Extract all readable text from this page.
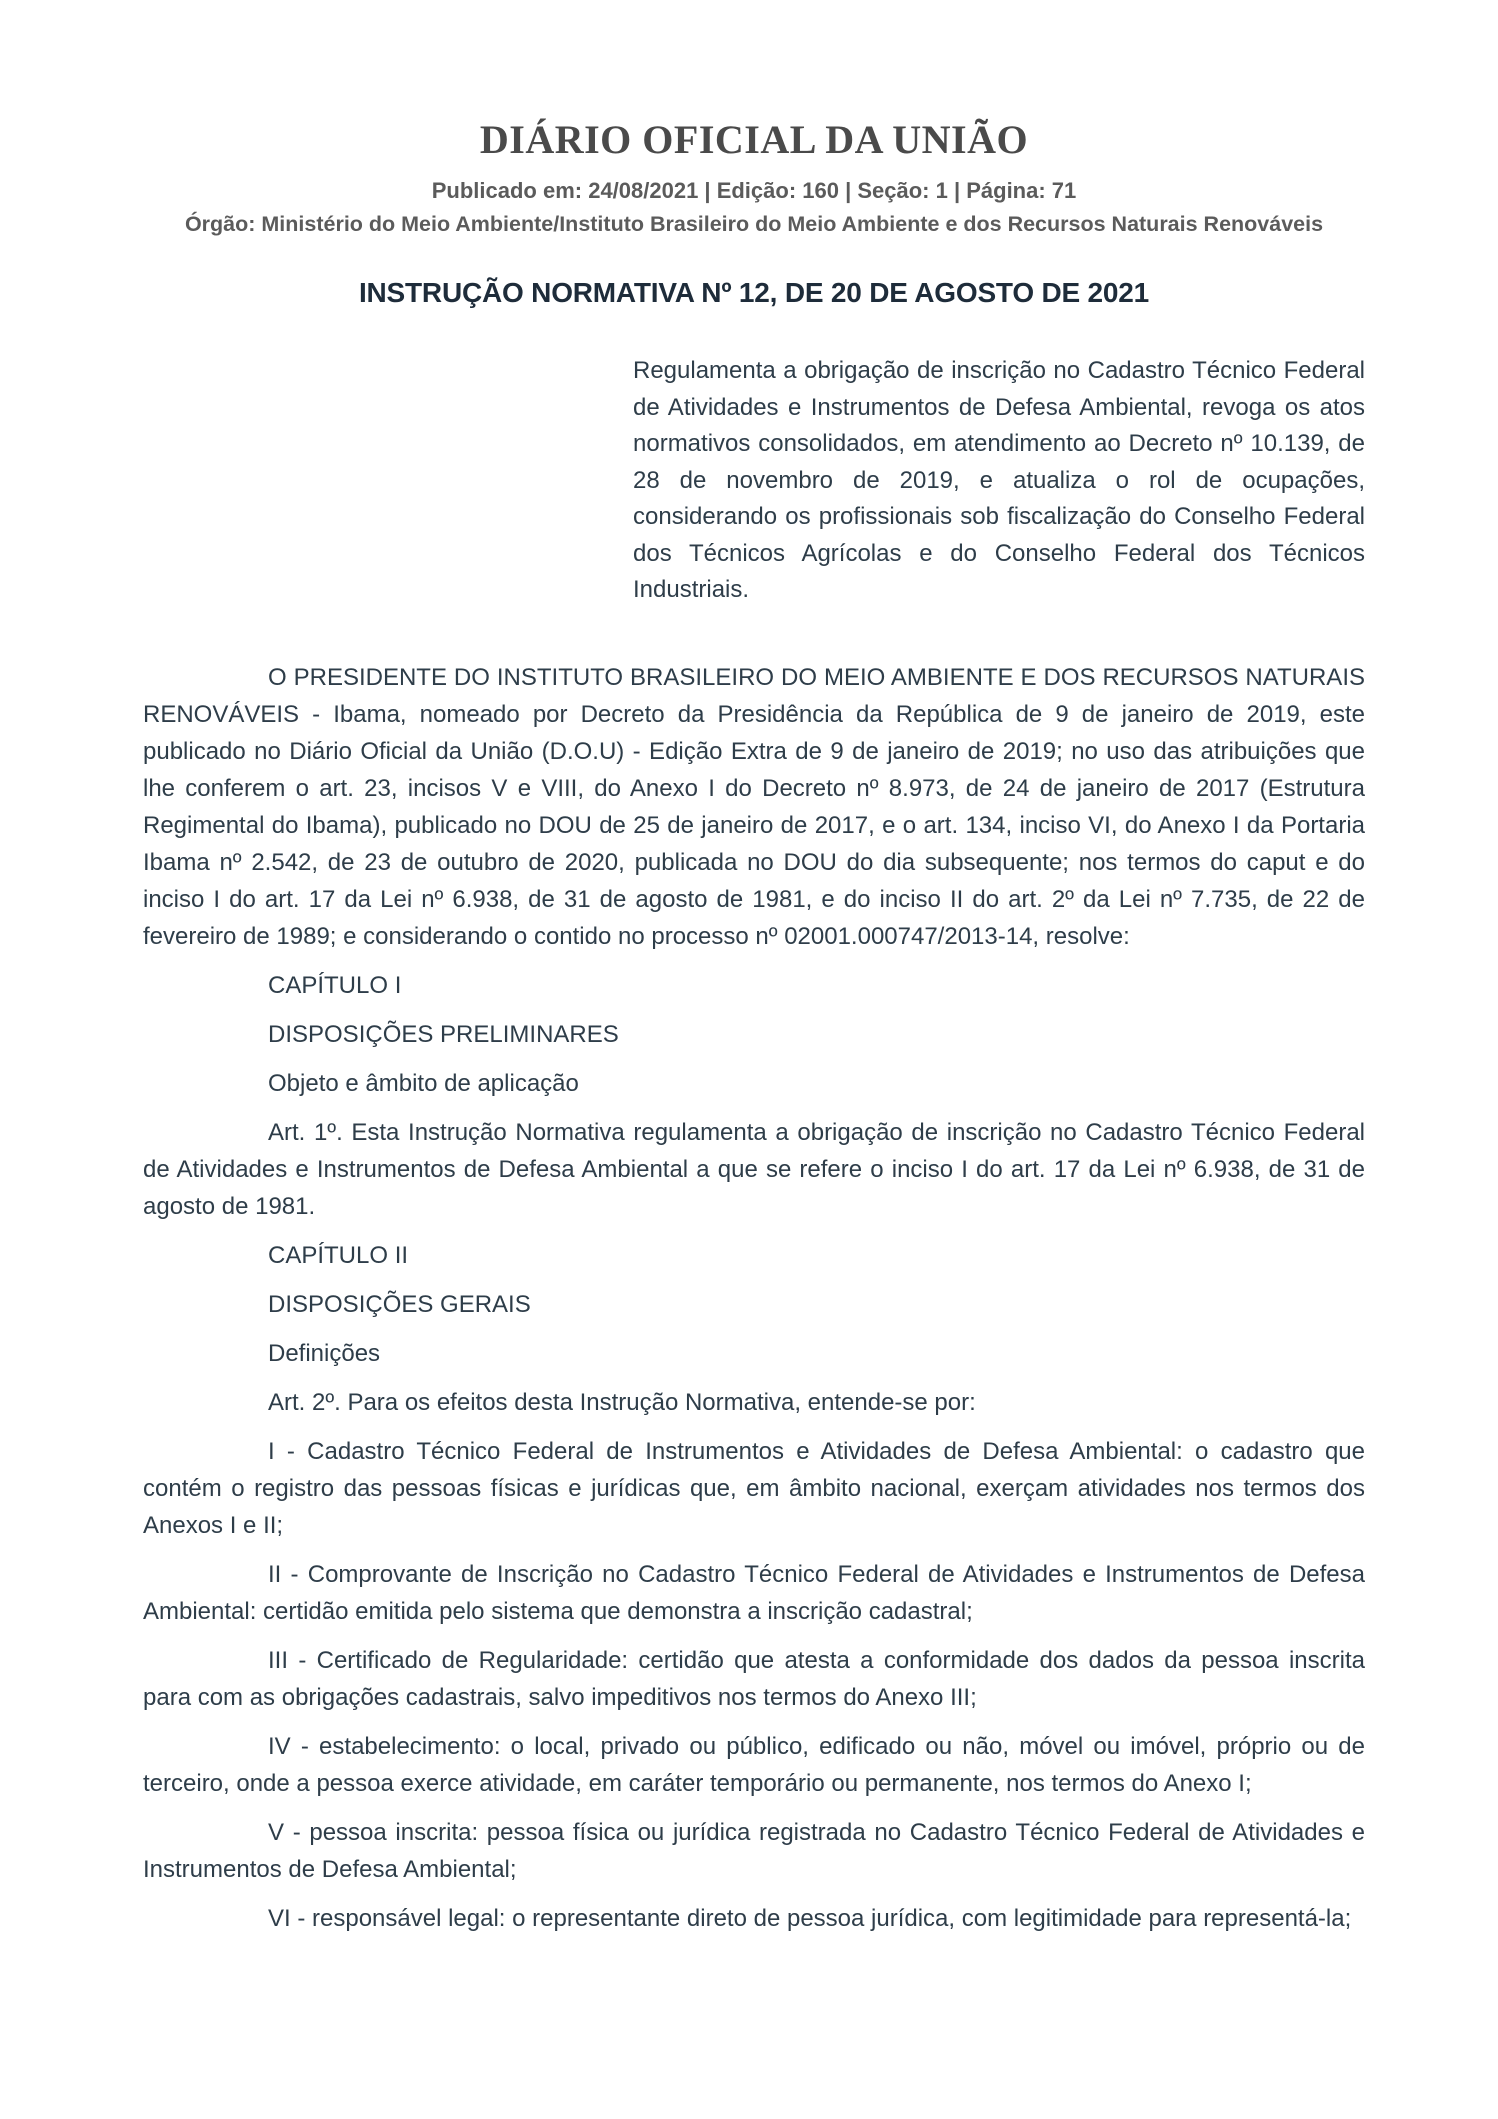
DIÁRIO OFICIAL DA UNIÃO
Publicado em: 24/08/2021 | Edição: 160 | Seção: 1 | Página: 71
Órgão: Ministério do Meio Ambiente/Instituto Brasileiro do Meio Ambiente e dos Recursos Naturais Renováveis
INSTRUÇÃO NORMATIVA Nº 12, DE 20 DE AGOSTO DE 2021

Regulamenta a obrigação de inscrição no Cadastro Técnico Federal de Atividades e Instrumentos de Defesa Ambiental, revoga os atos normativos consolidados, em atendimento ao Decreto nº 10.139, de 28 de novembro de 2019, e atualiza o rol de ocupações, considerando os profissionais sob fiscalização do Conselho Federal dos Técnicos Agrícolas e do Conselho Federal dos Técnicos Industriais.

O PRESIDENTE DO INSTITUTO BRASILEIRO DO MEIO AMBIENTE E DOS RECURSOS NATURAIS RENOVÁVEIS - Ibama, nomeado por Decreto da Presidência da República de 9 de janeiro de 2019, este publicado no Diário Oficial da União (D.O.U) - Edição Extra de 9 de janeiro de 2019; no uso das atribuições que lhe conferem o art. 23, incisos V e VIII, do Anexo I do Decreto nº 8.973, de 24 de janeiro de 2017 (Estrutura Regimental do Ibama), publicado no DOU de 25 de janeiro de 2017, e o art. 134, inciso VI, do Anexo I da Portaria Ibama nº 2.542, de 23 de outubro de 2020, publicada no DOU do dia subsequente; nos termos do caput e do inciso I do art. 17 da Lei nº 6.938, de 31 de agosto de 1981, e do inciso II do art. 2º da Lei nº 7.735, de 22 de fevereiro de 1989; e considerando o contido no processo nº 02001.000747/2013-14, resolve:

CAPÍTULO I

DISPOSIÇÕES PRELIMINARES

Objeto e âmbito de aplicação

Art. 1º. Esta Instrução Normativa regulamenta a obrigação de inscrição no Cadastro Técnico Federal de Atividades e Instrumentos de Defesa Ambiental a que se refere o inciso I do art. 17 da Lei nº 6.938, de 31 de agosto de 1981.

CAPÍTULO II

DISPOSIÇÕES GERAIS

Definições

Art. 2º. Para os efeitos desta Instrução Normativa, entende-se por:

I - Cadastro Técnico Federal de Instrumentos e Atividades de Defesa Ambiental: o cadastro que contém o registro das pessoas físicas e jurídicas que, em âmbito nacional, exerçam atividades nos termos dos Anexos I e II;

II - Comprovante de Inscrição no Cadastro Técnico Federal de Atividades e Instrumentos de Defesa Ambiental: certidão emitida pelo sistema que demonstra a inscrição cadastral;

III - Certificado de Regularidade: certidão que atesta a conformidade dos dados da pessoa inscrita para com as obrigações cadastrais, salvo impeditivos nos termos do Anexo III;

IV - estabelecimento: o local, privado ou público, edificado ou não, móvel ou imóvel, próprio ou de terceiro, onde a pessoa exerce atividade, em caráter temporário ou permanente, nos termos do Anexo I;

V - pessoa inscrita: pessoa física ou jurídica registrada no Cadastro Técnico Federal de Atividades e Instrumentos de Defesa Ambiental;

VI - responsável legal: o representante direto de pessoa jurídica, com legitimidade para representá-la;
